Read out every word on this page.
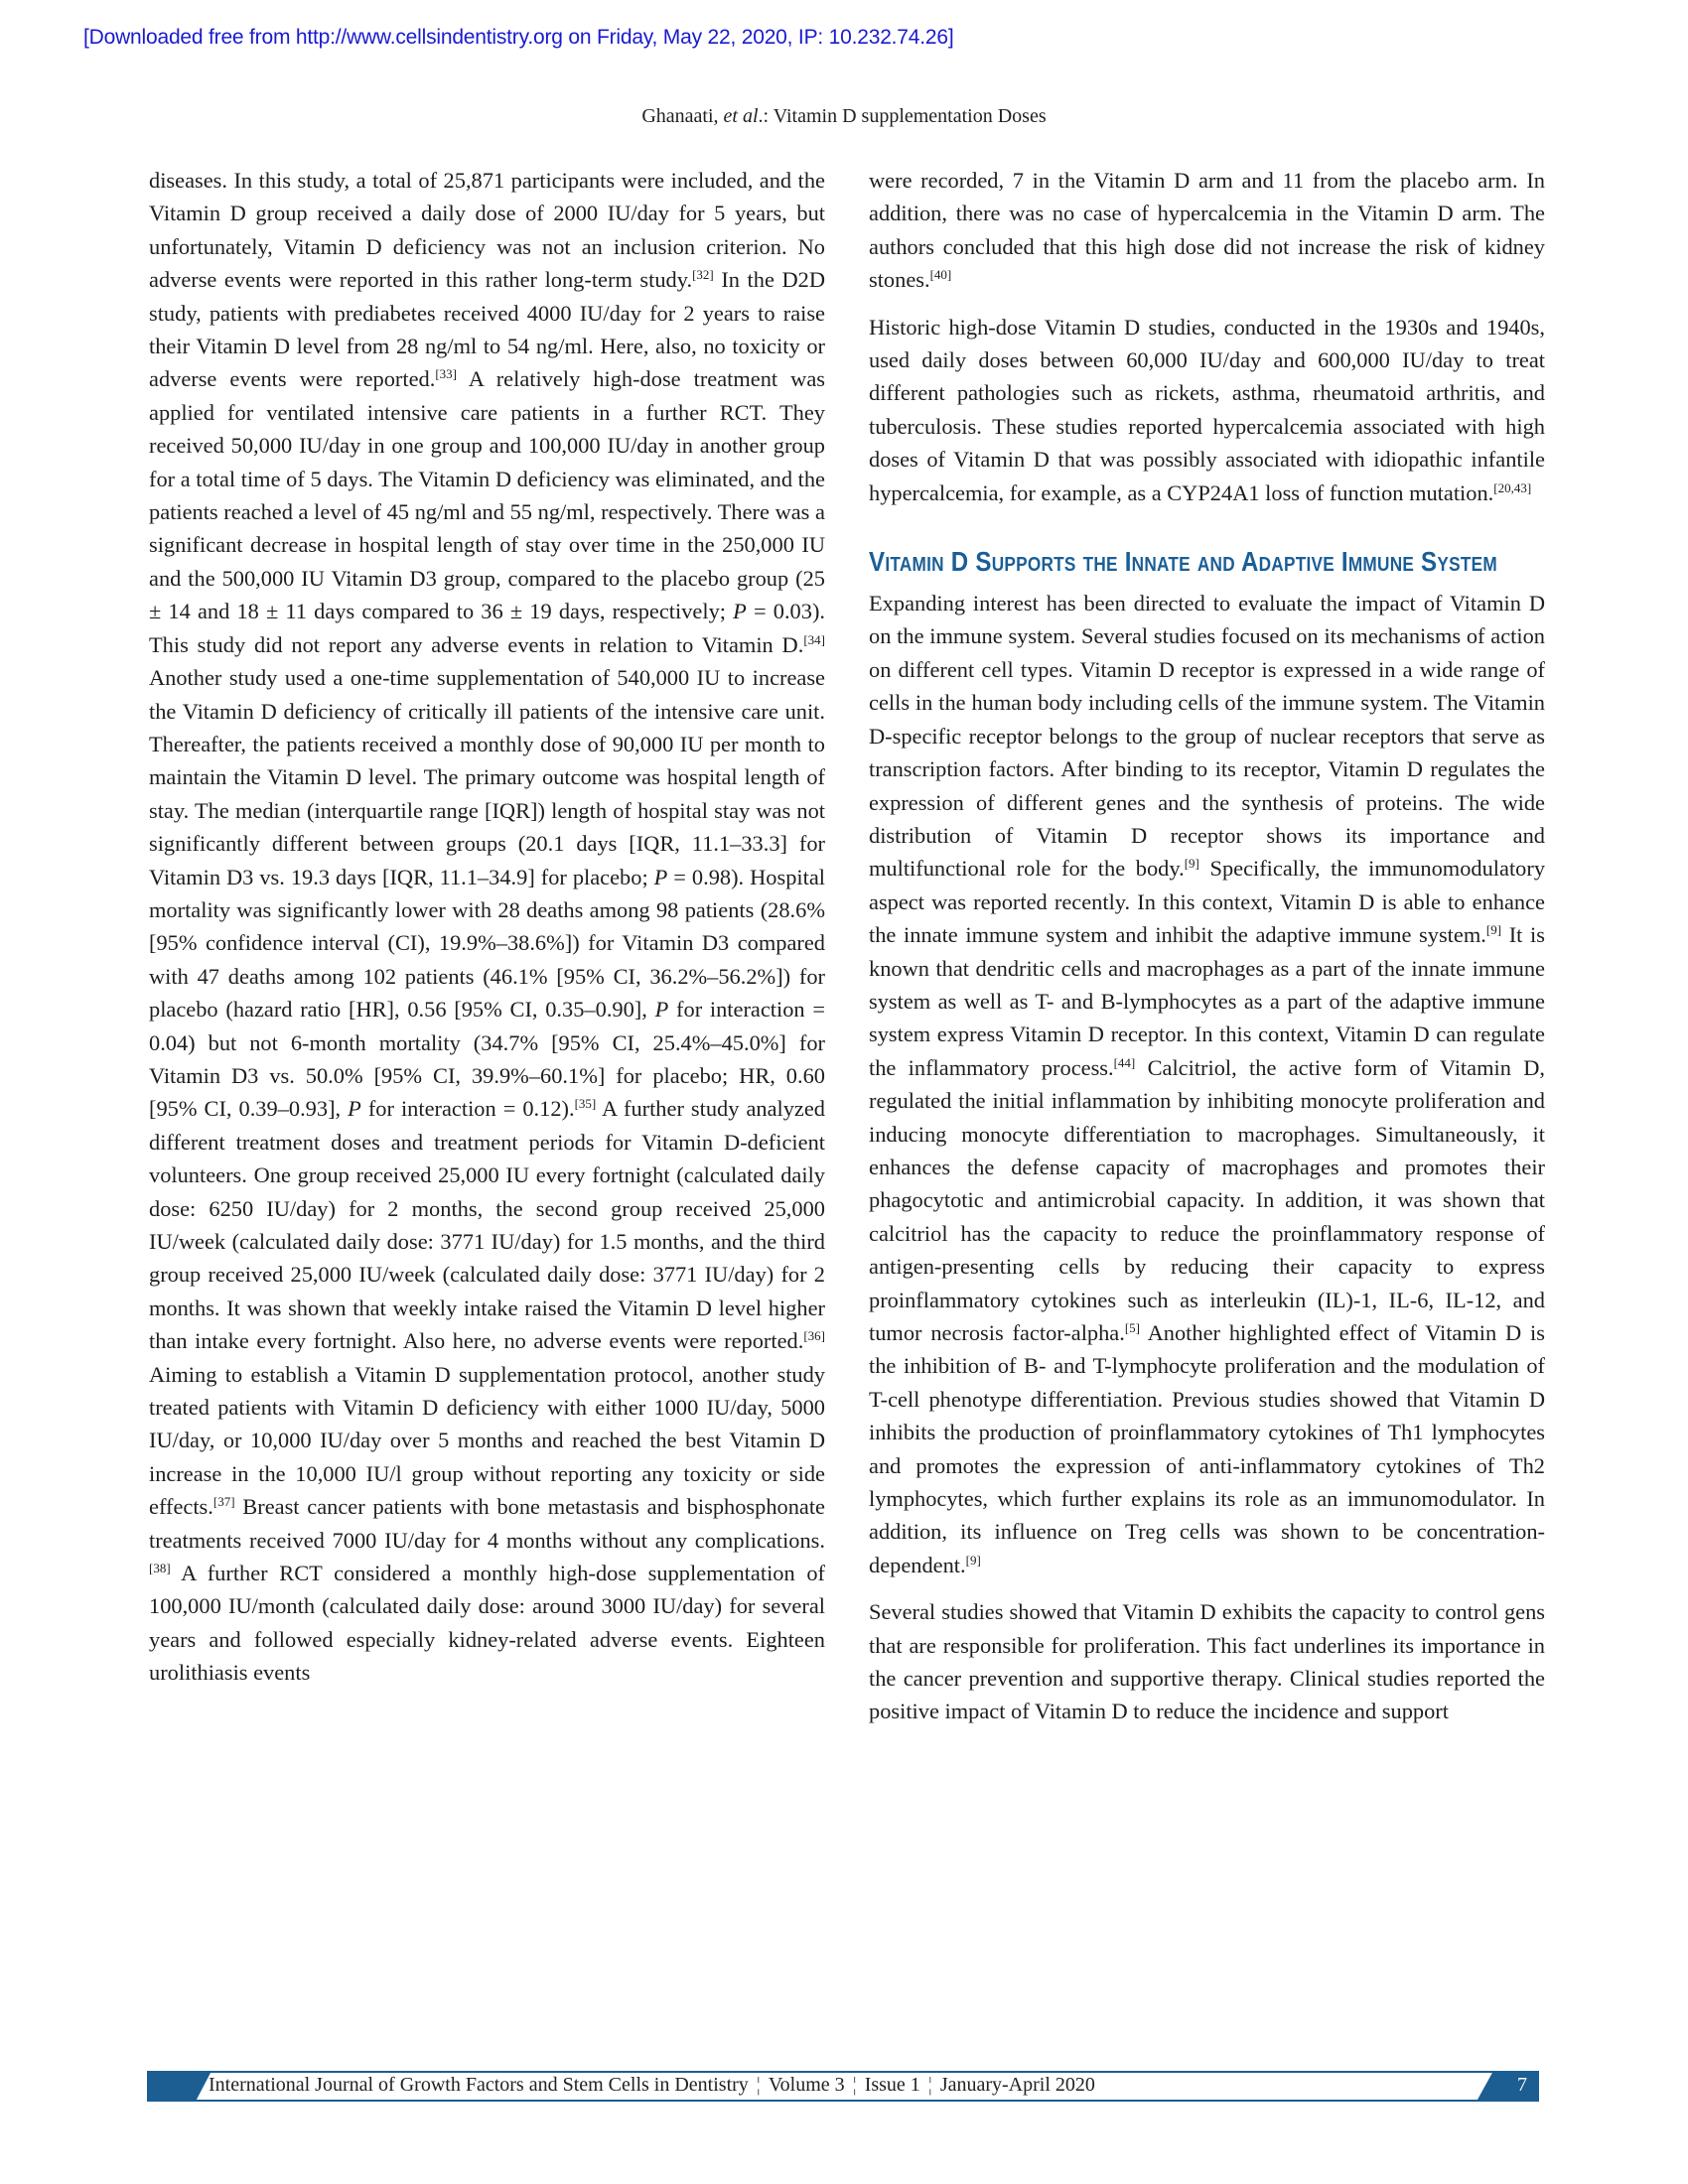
[Downloaded free from http://www.cellsindentistry.org on Friday, May 22, 2020, IP: 10.232.74.26]
Ghanaati, et al.: Vitamin D supplementation Doses

diseases. In this study, a total of 25,871 participants were included, and the Vitamin D group received a daily dose of 2000 IU/day for 5 years, but unfortunately, Vitamin D deficiency was not an inclusion criterion. No adverse events were reported in this rather long-term study.[32] In the D2D study, patients with prediabetes received 4000 IU/day for 2 years to raise their Vitamin D level from 28 ng/ml to 54 ng/ml. Here, also, no toxicity or adverse events were reported.[33] A relatively high-dose treatment was applied for ventilated intensive care patients in a further RCT. They received 50,000 IU/day in one group and 100,000 IU/day in another group for a total time of 5 days. The Vitamin D deficiency was eliminated, and the patients reached a level of 45 ng/ml and 55 ng/ml, respectively. There was a significant decrease in hospital length of stay over time in the 250,000 IU and the 500,000 IU Vitamin D3 group, compared to the placebo group (25 ± 14 and 18 ± 11 days compared to 36 ± 19 days, respectively; P = 0.03). This study did not report any adverse events in relation to Vitamin D.[34] Another study used a one-time supplementation of 540,000 IU to increase the Vitamin D deficiency of critically ill patients of the intensive care unit. Thereafter, the patients received a monthly dose of 90,000 IU per month to maintain the Vitamin D level. The primary outcome was hospital length of stay. The median (interquartile range [IQR]) length of hospital stay was not significantly different between groups (20.1 days [IQR, 11.1–33.3] for Vitamin D3 vs. 19.3 days [IQR, 11.1–34.9] for placebo; P = 0.98). Hospital mortality was significantly lower with 28 deaths among 98 patients (28.6% [95% confidence interval (CI), 19.9%–38.6%]) for Vitamin D3 compared with 47 deaths among 102 patients (46.1% [95% CI, 36.2%–56.2%]) for placebo (hazard ratio [HR], 0.56 [95% CI, 0.35–0.90], P for interaction = 0.04) but not 6-month mortality (34.7% [95% CI, 25.4%–45.0%] for Vitamin D3 vs. 50.0% [95% CI, 39.9%–60.1%] for placebo; HR, 0.60 [95% CI, 0.39–0.93], P for interaction = 0.12).[35] A further study analyzed different treatment doses and treatment periods for Vitamin D-deficient volunteers. One group received 25,000 IU every fortnight (calculated daily dose: 6250 IU/day) for 2 months, the second group received 25,000 IU/week (calculated daily dose: 3771 IU/day) for 1.5 months, and the third group received 25,000 IU/week (calculated daily dose: 3771 IU/day) for 2 months. It was shown that weekly intake raised the Vitamin D level higher than intake every fortnight. Also here, no adverse events were reported.[36] Aiming to establish a Vitamin D supplementation protocol, another study treated patients with Vitamin D deficiency with either 1000 IU/day, 5000 IU/day, or 10,000 IU/day over 5 months and reached the best Vitamin D increase in the 10,000 IU/l group without reporting any toxicity or side effects.[37] Breast cancer patients with bone metastasis and bisphosphonate treatments received 7000 IU/day for 4 months without any complications.[38] A further RCT considered a monthly high-dose supplementation of 100,000 IU/month (calculated daily dose: around 3000 IU/day) for several years and followed especially kidney-related adverse events. Eighteen urolithiasis events

were recorded, 7 in the Vitamin D arm and 11 from the placebo arm. In addition, there was no case of hypercalcemia in the Vitamin D arm. The authors concluded that this high dose did not increase the risk of kidney stones.[40]

Historic high-dose Vitamin D studies, conducted in the 1930s and 1940s, used daily doses between 60,000 IU/day and 600,000 IU/day to treat different pathologies such as rickets, asthma, rheumatoid arthritis, and tuberculosis. These studies reported hypercalcemia associated with high doses of Vitamin D that was possibly associated with idiopathic infantile hypercalcemia, for example, as a CYP24A1 loss of function mutation.[20,43]

Vitamin D Supports the Innate and Adaptive Immune System

Expanding interest has been directed to evaluate the impact of Vitamin D on the immune system. Several studies focused on its mechanisms of action on different cell types. Vitamin D receptor is expressed in a wide range of cells in the human body including cells of the immune system. The Vitamin D-specific receptor belongs to the group of nuclear receptors that serve as transcription factors. After binding to its receptor, Vitamin D regulates the expression of different genes and the synthesis of proteins. The wide distribution of Vitamin D receptor shows its importance and multifunctional role for the body.[9] Specifically, the immunomodulatory aspect was reported recently. In this context, Vitamin D is able to enhance the innate immune system and inhibit the adaptive immune system.[9] It is known that dendritic cells and macrophages as a part of the innate immune system as well as T- and B-lymphocytes as a part of the adaptive immune system express Vitamin D receptor. In this context, Vitamin D can regulate the inflammatory process.[44] Calcitriol, the active form of Vitamin D, regulated the initial inflammation by inhibiting monocyte proliferation and inducing monocyte differentiation to macrophages. Simultaneously, it enhances the defense capacity of macrophages and promotes their phagocytotic and antimicrobial capacity. In addition, it was shown that calcitriol has the capacity to reduce the proinflammatory response of antigen-presenting cells by reducing their capacity to express proinflammatory cytokines such as interleukin (IL)-1, IL-6, IL-12, and tumor necrosis factor-alpha.[5] Another highlighted effect of Vitamin D is the inhibition of B- and T-lymphocyte proliferation and the modulation of T-cell phenotype differentiation. Previous studies showed that Vitamin D inhibits the production of proinflammatory cytokines of Th1 lymphocytes and promotes the expression of anti-inflammatory cytokines of Th2 lymphocytes, which further explains its role as an immunomodulator. In addition, its influence on Treg cells was shown to be concentration-dependent.[9]

Several studies showed that Vitamin D exhibits the capacity to control gens that are responsible for proliferation. This fact underlines its importance in the cancer prevention and supportive therapy. Clinical studies reported the positive impact of Vitamin D to reduce the incidence and support

International Journal of Growth Factors and Stem Cells in Dentistry ¦ Volume 3 ¦ Issue 1 ¦ January-April 2020	7
